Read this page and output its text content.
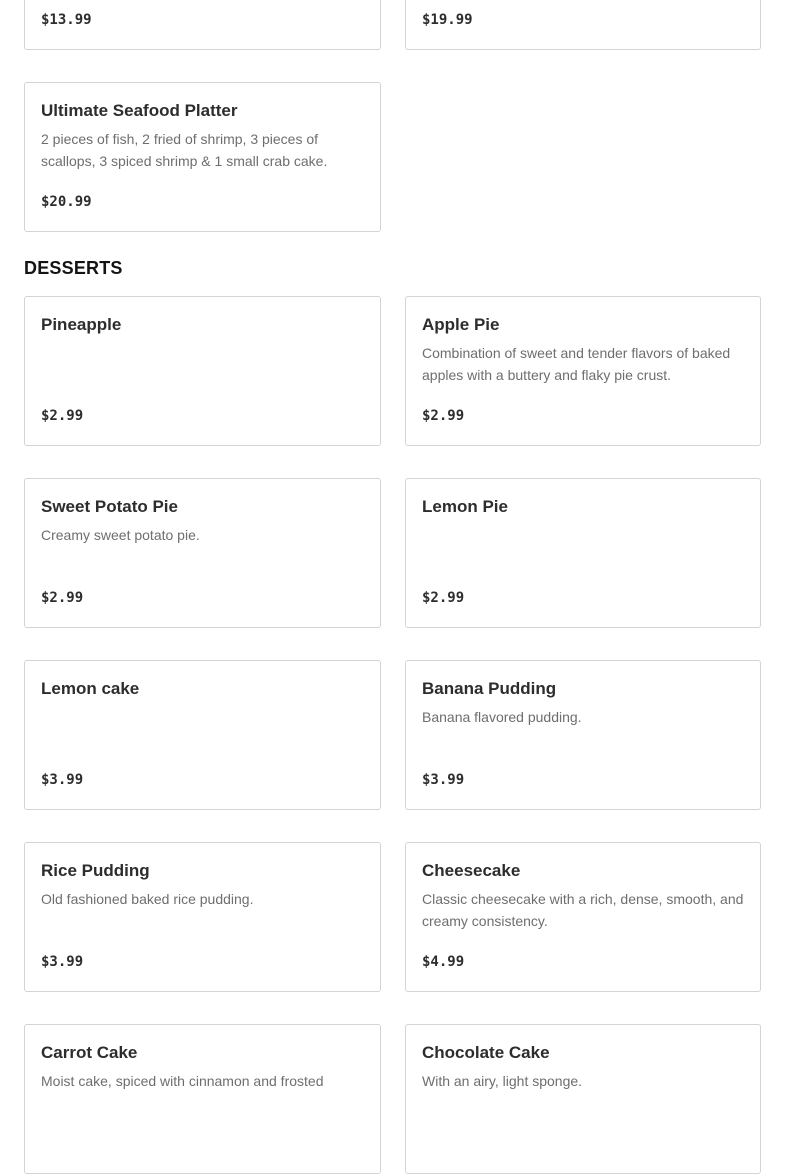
$13.99	$19.99
Ultimate Seafood Platter
2 pieces of fish, 2 fried of shrimp, 3 pieces of scallops, 3 spiced shrimp & 1 small crab cake.
$20.99
DESSERTS
Pineapple
$2.99
Apple Pie
Combination of sweet and tender flavors of baked apples with a buttery and flaky pie crust.
$2.99
Sweet Potato Pie
Creamy sweet potato pie.
$2.99
Lemon Pie
$2.99
Lemon cake
$3.99
Banana Pudding
Banana flavored pudding.
$3.99
Rice Pudding
Old fashioned baked rice pudding.
$3.99
Cheesecake
Classic cheesecake with a rich, dense, smooth, and creamy consistency.
$4.99
Carrot Cake
Moist cake, spiced with cinnamon and frosted
Chocolate Cake
With an airy, light sponge.
